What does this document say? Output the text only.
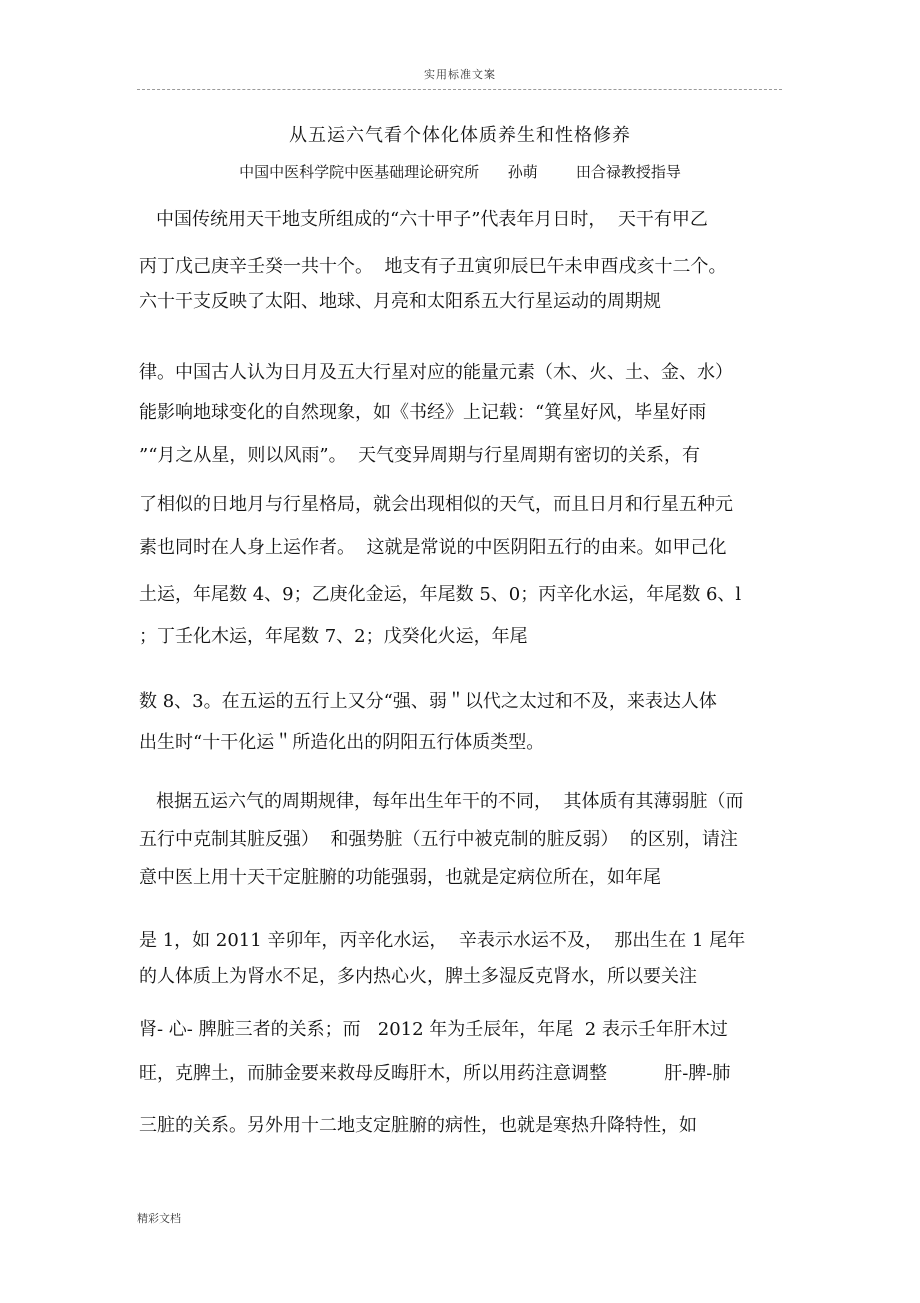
实用标准文案
从五运六气看个体化体质养生和性格修养
中国中医科学院中医基础理论研究所      孙萌        田合禄教授指导
中国传统用天干地支所组成的“六十甲子”代表年月日时，  天干有甲乙
丙丁戊己庚辛壬癸一共十个。  地支有子丑寅卯辰巳午未申酉戌亥十二个。
六十干支反映了太阳、地球、月亮和太阳系五大行星运动的周期规
律。中国古人认为日月及五大行星对应的能量元素（木、火、土、金、水）
能影响地球变化的自然现象，如《书经》上记载：“箕星好风，毕星好雨
”“月之从星，则以风雨”。  天气变异周期与行星周期有密切的关系，有
了相似的日地月与行星格局，就会出现相似的天气，而且日月和行星五种元
素也同时在人身上运作者。  这就是常说的中医阴阳五行的由来。如甲己化
土运，年尾数 4、9；乙庚化金运，年尾数 5、0；丙辛化水运，年尾数 6、l
；丁壬化木运，年尾数 7、2；戊癸化火运，年尾
数 8、3。在五运的五行上又分“强、弱＂以代之太过和不及，来表达人体
出生时“十干化运＂所造化出的阴阳五行体质类型。
根据五运六气的周期规律，每年出生年干的不同，  其体质有其薄弱脏（而
五行中克制其脏反强）  和强势脏（五行中被克制的脏反弱）  的区别，请注
意中医上用十天干定脏腑的功能强弱，也就是定病位所在，如年尾
是 1，如 2011 辛卯年，丙辛化水运，  辛表示水运不及，  那出生在 1 尾年
的人体质上为肾水不足，多内热心火，脾土多湿反克肾水，所以要关注
肾- 心- 脾脏三者的关系；而   2012 年为壬辰年，年尾  2 表示壬年肝木过
旺，克脾土，而肺金要来救母反晦肝木，所以用药注意调整          肝-脾-肺
三脏的关系。另外用十二地支定脏腑的病性，也就是寒热升降特性，如
精彩文档
